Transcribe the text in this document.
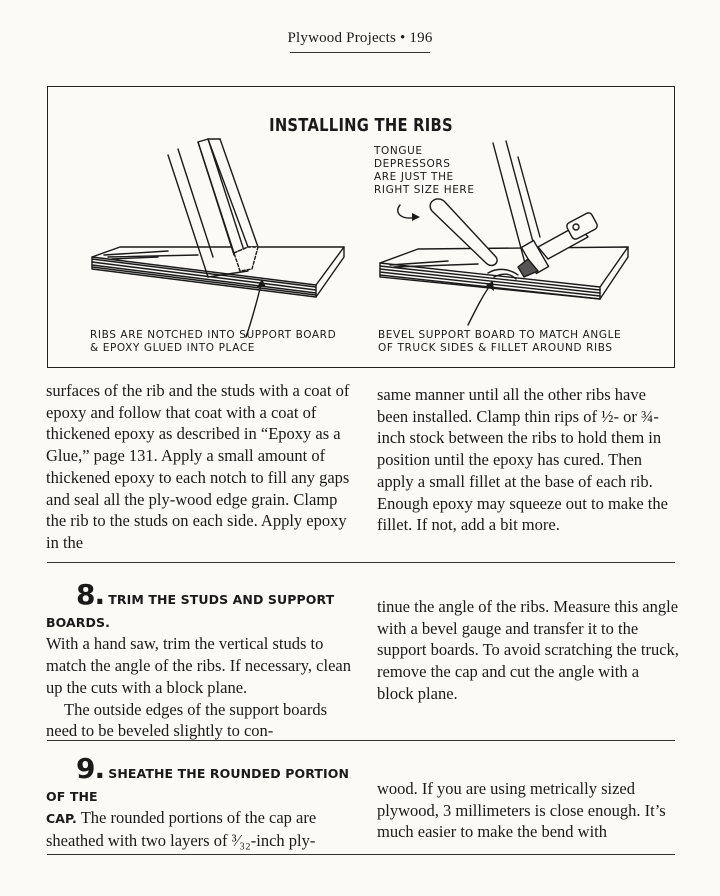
Plywood Projects • 196
INSTALLING THE RIBS
TONGUE
DEPRESSORS
ARE JUST THE
RIGHT SIZE HERE
RIBS ARE NOTCHED INTO SUPPORT BOARD
& EPOXY GLUED INTO PLACE
BEVEL SUPPORT BOARD TO MATCH ANGLE
OF TRUCK SIDES & FILLET AROUND RIBS

surfaces of the rib and the studs with a coat of epoxy and follow that coat with a coat of thickened epoxy as described in “Epoxy as a Glue,” page 131. Apply a small amount of thickened epoxy to each notch to fill any gaps and seal all the ply-wood edge grain. Clamp the rib to the studs on each side. Apply epoxy in the

same manner until all the other ribs have been installed. Clamp thin rips of ½- or ¾-inch stock between the ribs to hold them in position until the epoxy has cured. Then apply a small fillet at the base of each rib. Enough epoxy may squeeze out to make the fillet. If not, add a bit more.

8. TRIM THE STUDS AND SUPPORT BOARDS.

With a hand saw, trim the vertical studs to match the angle of the ribs. If necessary, clean up the cuts with a block plane.

The outside edges of the support boards need to be beveled slightly to con-

tinue the angle of the ribs. Measure this angle with a bevel gauge and transfer it to the support boards. To avoid scratching the truck, remove the cap and cut the angle with a block plane.

9. SHEATHE THE ROUNDED PORTION OF THE

CAP. The rounded portions of the cap are sheathed with two layers of ³⁄₃₂-inch ply-

wood. If you are using metrically sized plywood, 3 millimeters is close enough. It’s much easier to make the bend with
